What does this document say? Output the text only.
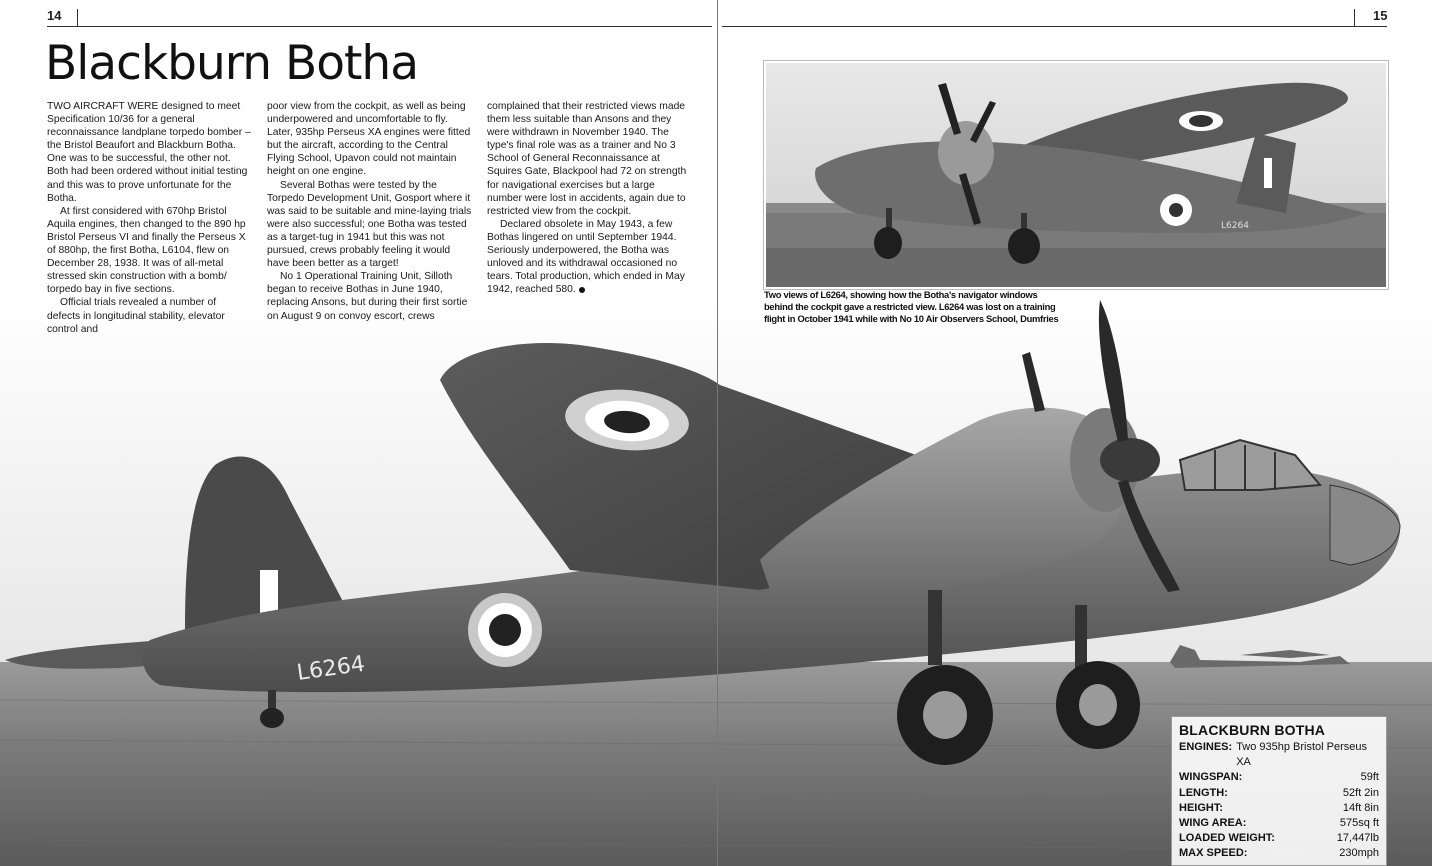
L6264
14	15
Blackburn Botha

TWO AIRCRAFT WERE designed to meet Specification 10/36 for a general reconnaissance landplane torpedo bomber – the Bristol Beaufort and Blackburn Botha. One was to be successful, the other not. Both had been ordered without initial testing and this was to prove unfortunate for the Botha.

At first considered with 670hp Bristol Aquila engines, then changed to the 890 hp Bristol Perseus VI and finally the Perseus X of 880hp, the first Botha, L6104, flew on December 28, 1938. It was of all-metal stressed skin construction with a bomb/ torpedo bay in five sections.

Official trials revealed a number of defects in longitudinal stability, elevator control and

poor view from the cockpit, as well as being underpowered and uncomfortable to fly. Later, 935hp Perseus XA engines were fitted but the aircraft, according to the Central Flying School, Upavon could not maintain height on one engine.

Several Bothas were tested by the Torpedo Development Unit, Gosport where it was said to be suitable and mine-laying trials were also successful; one Botha was tested as a target-tug in 1941 but this was not pursued, crews probably feeling it would have been better as a target!

No 1 Operational Training Unit, Silloth began to receive Bothas in June 1940, replacing Ansons, but during their first sortie on August 9 on convoy escort, crews

complained that their restricted views made them less suitable than Ansons and they were withdrawn in November 1940. The type's final role was as a trainer and No 3 School of General Reconnaissance at Squires Gate, Blackpool had 72 on strength for navigational exercises but a large number were lost in accidents, again due to restricted view from the cockpit.

Declared obsolete in May 1943, a few Bothas lingered on until September 1944. Seriously underpowered, the Botha was unloved and its withdrawal occasioned no tears. Total production, which ended in May 1942, reached 580.

L6264
Two views of L6264, showing how the Botha's navigator windows behind the cockpit gave a restricted view. L6264 was lost on a training flight in October 1941 while with No 10 Air Observers School, Dumfries
BLACKBURN BOTHA
ENGINES: Two 935hp Bristol Perseus XA
WINGSPAN:	59ft
LENGTH:	52ft 2in
HEIGHT:	14ft 8in
WING AREA:	575sq ft
LOADED WEIGHT:	17,447lb
MAX SPEED:	230mph
